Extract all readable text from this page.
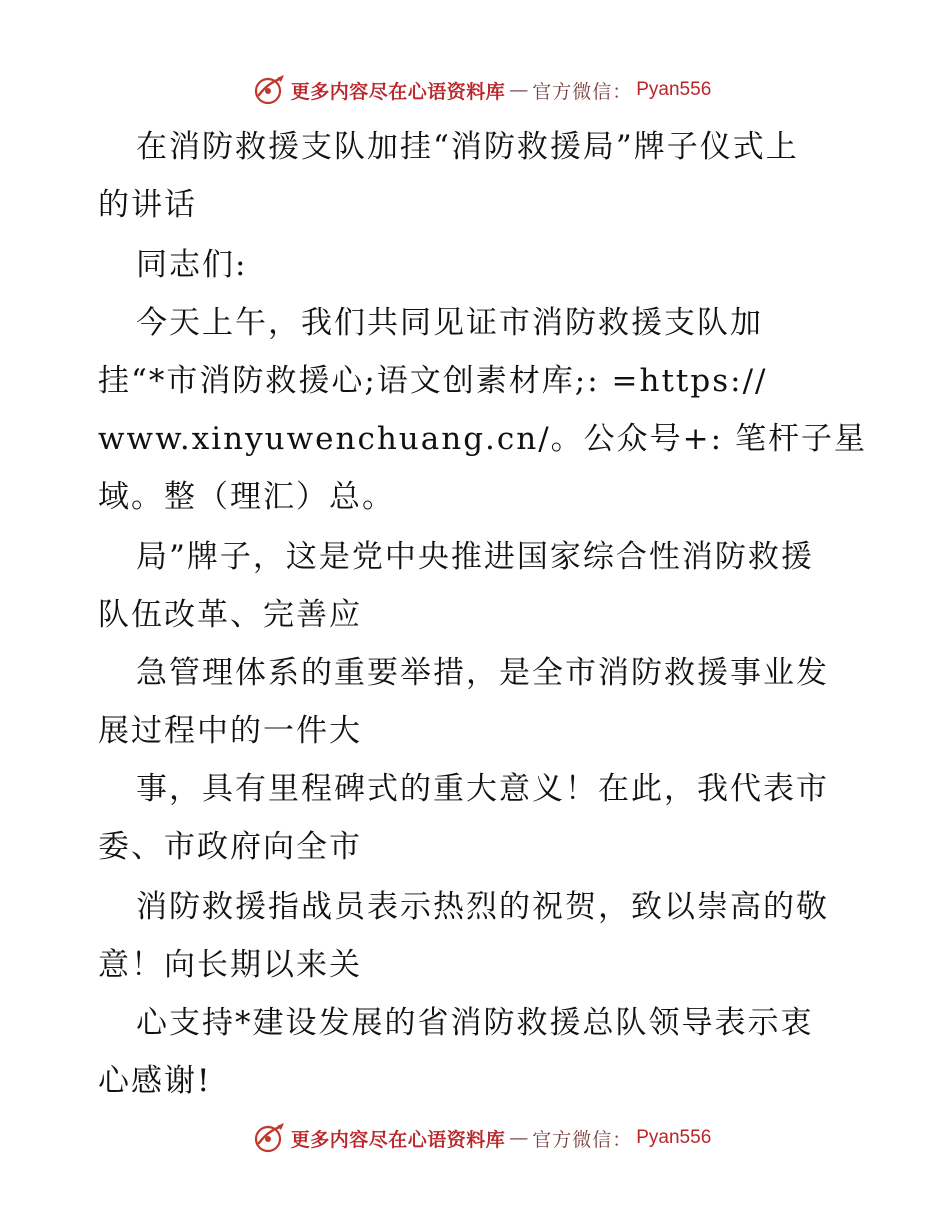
更多内容尽在心语资料库 — 官方微信： Pyan556
在消防救援支队加挂“消防救援局”牌子仪式上
的讲话
同志们:
今天上午，我们共同见证市消防救援支队加
挂“*市消防救援心;语文创素材库;: =https://
www.xinyuwenchuang.cn/。公众号+: 笔杆子星
域。整（理汇）总。
局”牌子，这是党中央推进国家综合性消防救援
队伍改革、完善应
急管理体系的重要举措，是全市消防救援事业发
展过程中的一件大
事，具有里程碑式的重大意义！在此，我代表市
委、市政府向全市
消防救援指战员表示热烈的祝贺，致以崇高的敬
意！向长期以来关
心支持*建设发展的省消防救援总队领导表示衷
心感谢!
更多内容尽在心语资料库 — 官方微信： Pyan556
